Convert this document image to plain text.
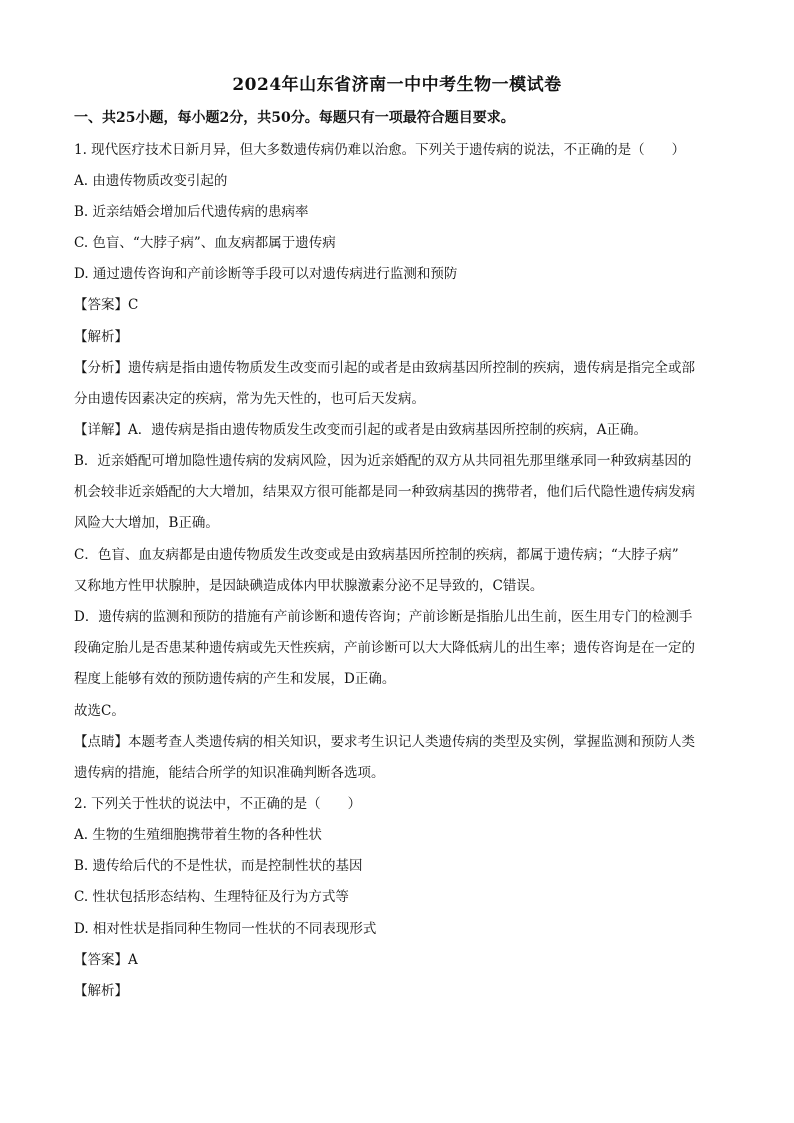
2024年山东省济南一中中考生物一模试卷
一、共25小题，每小题2分，共50分。每题只有一项最符合题目要求。
1. 现代医疗技术日新月异，但大多数遗传病仍难以治愈。下列关于遗传病的说法，不正确的是（　　）
A. 由遗传物质改变引起的
B. 近亲结婚会增加后代遗传病的患病率
C. 色盲、“大脖子病”、血友病都属于遗传病
D. 通过遗传咨询和产前诊断等手段可以对遗传病进行监测和预防
【答案】C
【解析】
【分析】遗传病是指由遗传物质发生改变而引起的或者是由致病基因所控制的疾病，遗传病是指完全或部
分由遗传因素决定的疾病，常为先天性的，也可后天发病。
【详解】A．遗传病是指由遗传物质发生改变而引起的或者是由致病基因所控制的疾病，A正确。
B．近亲婚配可增加隐性遗传病的发病风险，因为近亲婚配的双方从共同祖先那里继承同一种致病基因的
机会较非近亲婚配的大大增加，结果双方很可能都是同一种致病基因的携带者，他们后代隐性遗传病发病
风险大大增加，B正确。
C．色盲、血友病都是由遗传物质发生改变或是由致病基因所控制的疾病，都属于遗传病；“大脖子病”
又称地方性甲状腺肿，是因缺碘造成体内甲状腺激素分泌不足导致的，C错误。
D．遗传病的监测和预防的措施有产前诊断和遗传咨询；产前诊断是指胎儿出生前，医生用专门的检测手
段确定胎儿是否患某种遗传病或先天性疾病，产前诊断可以大大降低病儿的出生率；遗传咨询是在一定的
程度上能够有效的预防遗传病的产生和发展，D正确。
故选C。
【点睛】本题考查人类遗传病的相关知识，要求考生识记人类遗传病的类型及实例，掌握监测和预防人类
遗传病的措施，能结合所学的知识准确判断各选项。
2. 下列关于性状的说法中，不正确的是（　　）
A. 生物的生殖细胞携带着生物的各种性状
B. 遗传给后代的不是性状，而是控制性状的基因
C. 性状包括形态结构、生理特征及行为方式等
D. 相对性状是指同种生物同一性状的不同表现形式
【答案】A
【解析】
